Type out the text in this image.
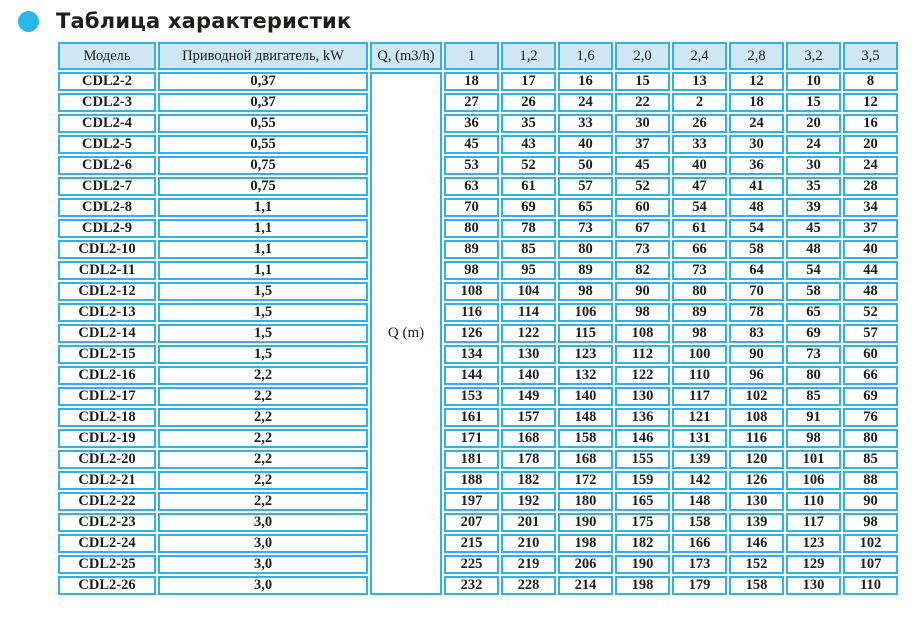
Таблица характеристик
Модель	Приводной двигатель, kW	Q, (m3/h)	1	1,2	1,6	2,0	2,4	2,8	3,2	3,5
CDL2-2	0,37	Q (m)	18	17	16	15	13	12	10	8
CDL2-3	0,37		27	26	24	22	2	18	15	12
CDL2-4	0,55		36	35	33	30	26	24	20	16
CDL2-5	0,55		45	43	40	37	33	30	24	20
CDL2-6	0,75		53	52	50	45	40	36	30	24
CDL2-7	0,75		63	61	57	52	47	41	35	28
CDL2-8	1,1		70	69	65	60	54	48	39	34
CDL2-9	1,1		80	78	73	67	61	54	45	37
CDL2-10	1,1		89	85	80	73	66	58	48	40
CDL2-11	1,1		98	95	89	82	73	64	54	44
CDL2-12	1,5		108	104	98	90	80	70	58	48
CDL2-13	1,5		116	114	106	98	89	78	65	52
CDL2-14	1,5		126	122	115	108	98	83	69	57
CDL2-15	1,5		134	130	123	112	100	90	73	60
CDL2-16	2,2		144	140	132	122	110	96	80	66
CDL2-17	2,2		153	149	140	130	117	102	85	69
CDL2-18	2,2		161	157	148	136	121	108	91	76
CDL2-19	2,2		171	168	158	146	131	116	98	80
CDL2-20	2,2		181	178	168	155	139	120	101	85
CDL2-21	2,2		188	182	172	159	142	126	106	88
CDL2-22	2,2		197	192	180	165	148	130	110	90
CDL2-23	3,0		207	201	190	175	158	139	117	98
CDL2-24	3,0		215	210	198	182	166	146	123	102
CDL2-25	3,0		225	219	206	190	173	152	129	107
CDL2-26	3,0		232	228	214	198	179	158	130	110
